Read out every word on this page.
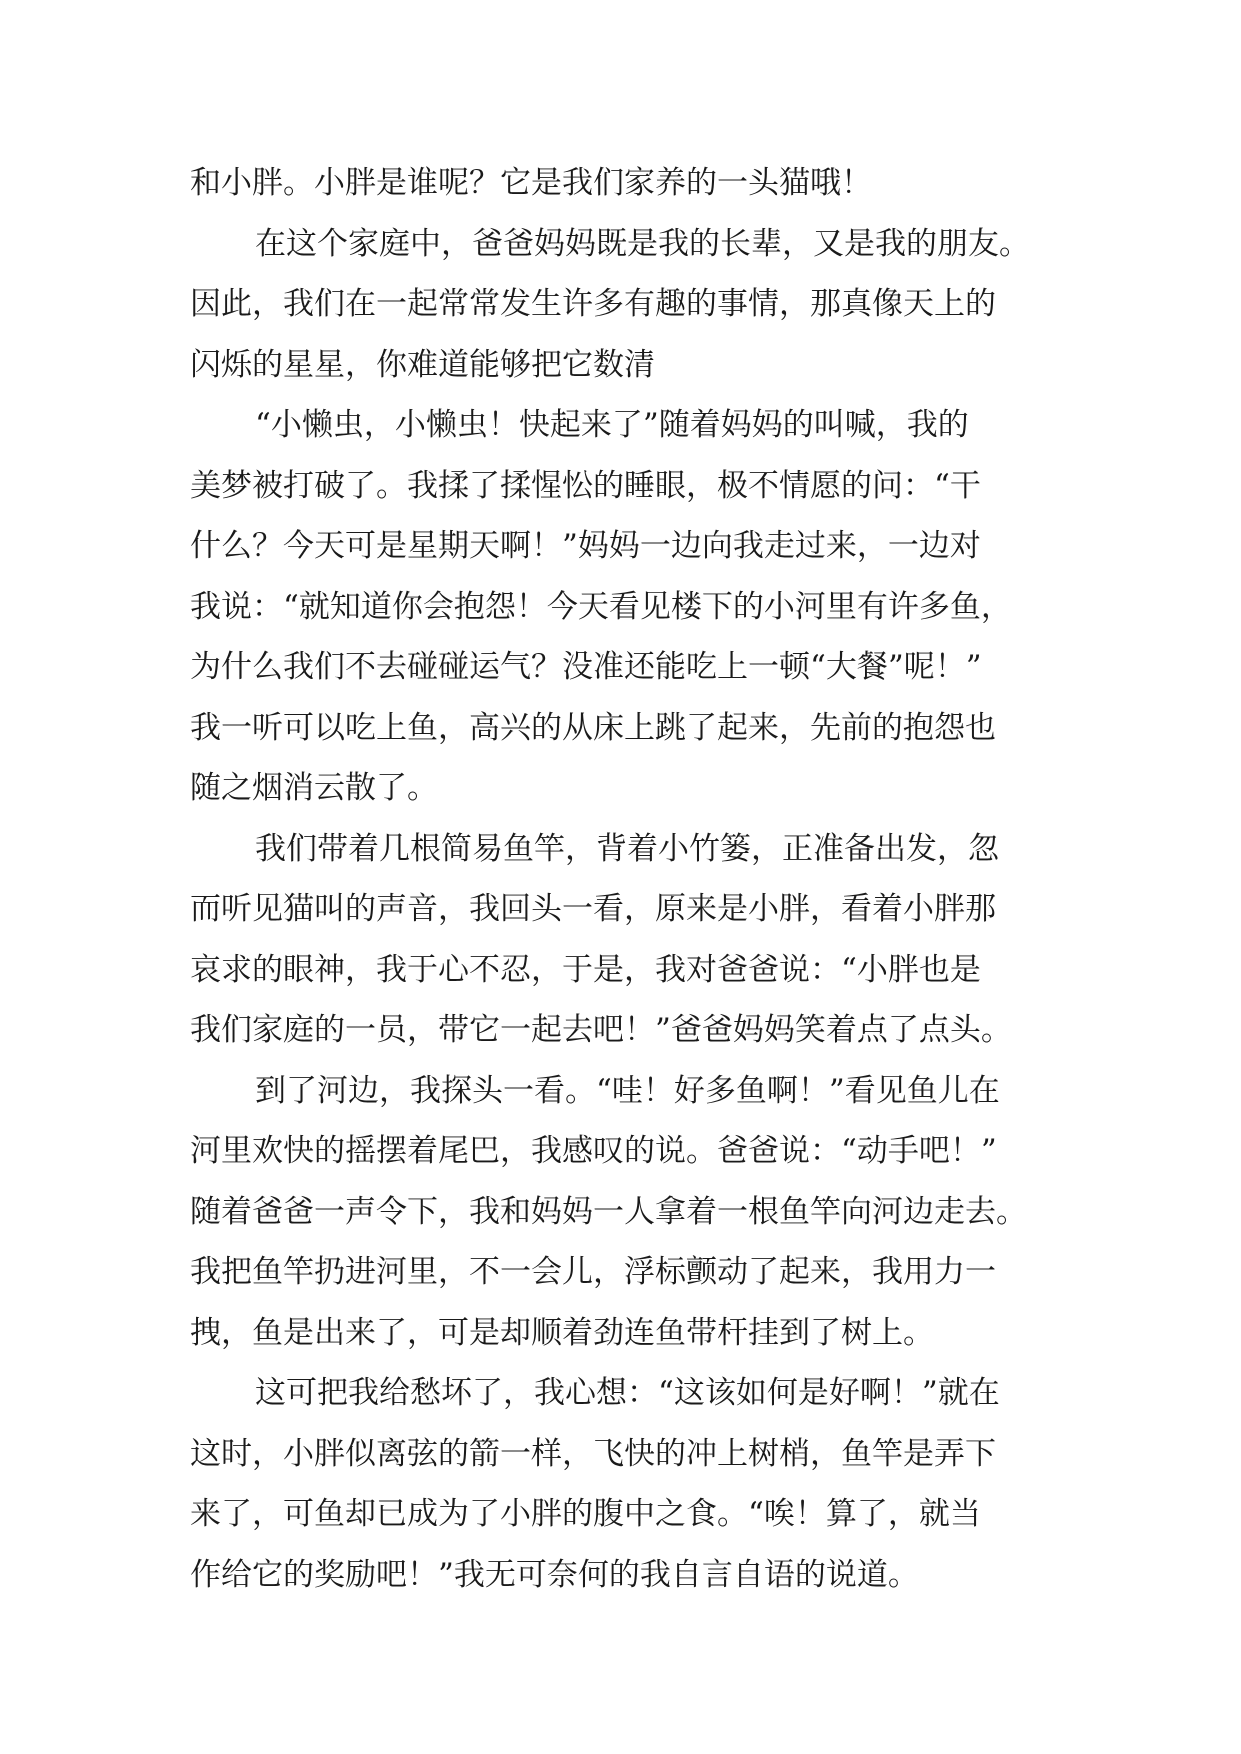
和小胖。小胖是谁呢？它是我们家养的一头猫哦！
在这个家庭中，爸爸妈妈既是我的长辈，又是我的朋友。
因此，我们在一起常常发生许多有趣的事情，那真像天上的
闪烁的星星，你难道能够把它数清
“小懒虫，小懒虫！快起来了”随着妈妈的叫喊，我的
美梦被打破了。我揉了揉惺忪的睡眼，极不情愿的问：“干
什么？今天可是星期天啊！”妈妈一边向我走过来，一边对
我说：“就知道你会抱怨！今天看见楼下的小河里有许多鱼，
为什么我们不去碰碰运气？没准还能吃上一顿“大餐”呢！”
我一听可以吃上鱼，高兴的从床上跳了起来，先前的抱怨也
随之烟消云散了。
我们带着几根简易鱼竿，背着小竹篓，正准备出发，忽
而听见猫叫的声音，我回头一看，原来是小胖，看着小胖那
哀求的眼神，我于心不忍，于是，我对爸爸说：“小胖也是
我们家庭的一员，带它一起去吧！”爸爸妈妈笑着点了点头。
到了河边，我探头一看。“哇！好多鱼啊！”看见鱼儿在
河里欢快的摇摆着尾巴，我感叹的说。爸爸说：“动手吧！”
随着爸爸一声令下，我和妈妈一人拿着一根鱼竿向河边走去。
我把鱼竿扔进河里，不一会儿，浮标颤动了起来，我用力一
拽，鱼是出来了，可是却顺着劲连鱼带杆挂到了树上。
这可把我给愁坏了，我心想：“这该如何是好啊！”就在
这时，小胖似离弦的箭一样，飞快的冲上树梢，鱼竿是弄下
来了，可鱼却已成为了小胖的腹中之食。“唉！算了，就当
作给它的奖励吧！”我无可奈何的我自言自语的说道。
